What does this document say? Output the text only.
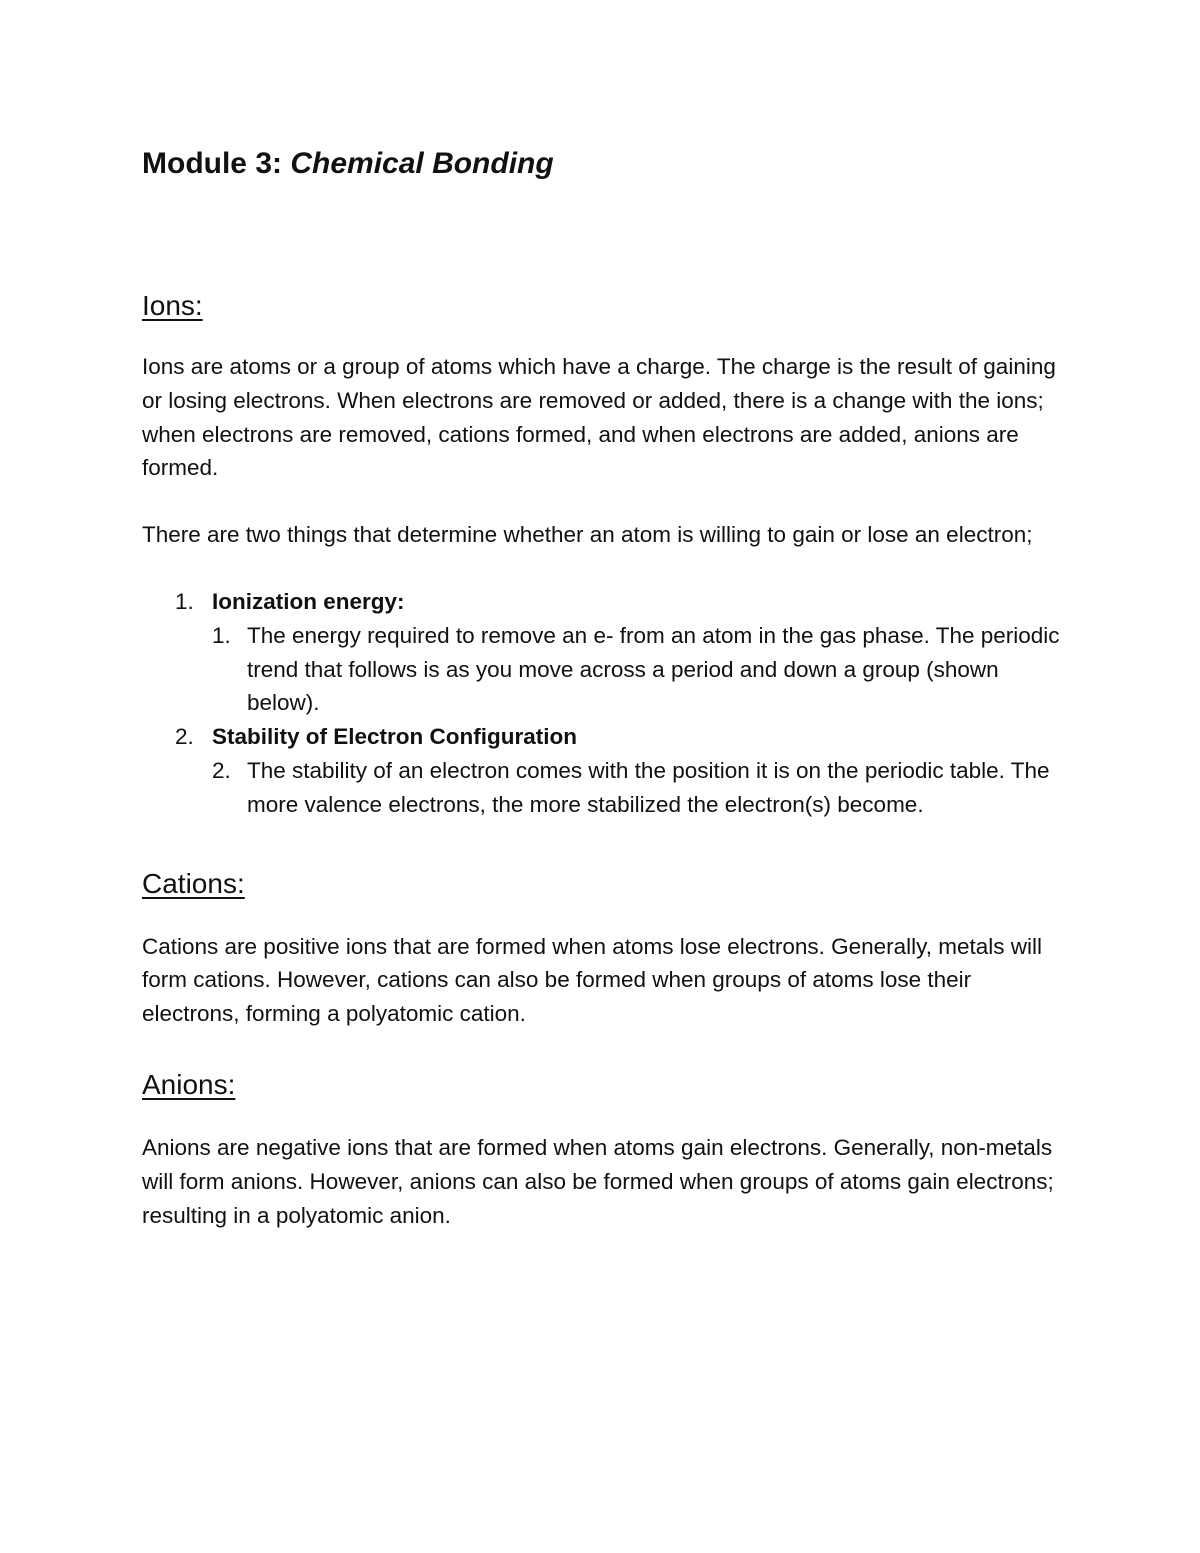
Module 3: Chemical Bonding
Ions:

Ions are atoms or a group of atoms which have a charge. The charge is the result of gaining or losing electrons. When electrons are removed or added, there is a change with the ions; when electrons are removed, cations formed, and when electrons are added, anions are formed.

There are two things that determine whether an atom is willing to gain or lose an electron;

1. Ionization energy:
1. The energy required to remove an e- from an atom in the gas phase. The periodic trend that follows is as you move across a period and down a group (shown below).
2. Stability of Electron Configuration
2. The stability of an electron comes with the position it is on the periodic table. The more valence electrons, the more stabilized the electron(s) become.
Cations:

Cations are positive ions that are formed when atoms lose electrons. Generally, metals will form cations. However, cations can also be formed when groups of atoms lose their electrons, forming a polyatomic cation.

Anions:

Anions are negative ions that are formed when atoms gain electrons. Generally, non-metals will form anions. However, anions can also be formed when groups of atoms gain electrons; resulting in a polyatomic anion.
